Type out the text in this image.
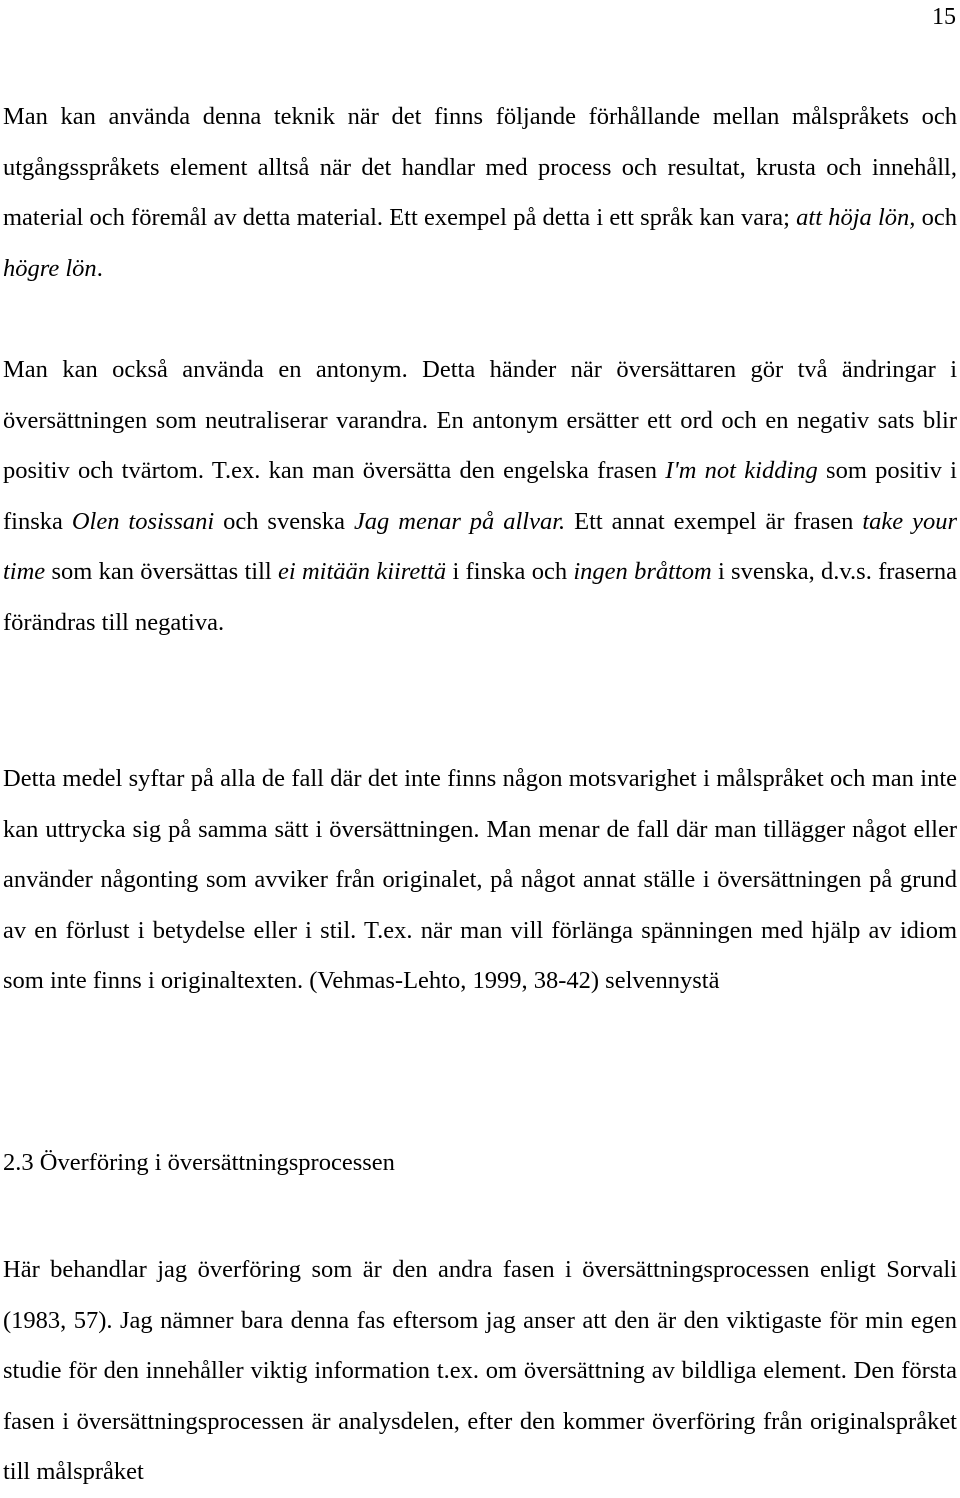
15

Man kan använda denna teknik när det finns följande förhållande mellan målspråkets och utgångsspråkets element alltså när det handlar med process och resultat, krusta och innehåll, material och föremål av detta material. Ett exempel på detta i ett språk kan vara; att höja lön, och högre lön.

Man kan också använda en antonym. Detta händer när översättaren gör två ändringar i översättningen som neutraliserar varandra. En antonym ersätter ett ord och en negativ sats blir positiv och tvärtom. T.ex. kan man översätta den engelska frasen I'm not kidding som positiv i finska Olen tosissani och svenska Jag menar på allvar. Ett annat exempel är frasen take your time som kan översättas till ei mitään kiirettä i finska och ingen bråttom i svenska, d.v.s. fraserna förändras till negativa.

Detta medel syftar på alla de fall där det inte finns någon motsvarighet i målspråket och man inte kan uttrycka sig på samma sätt i översättningen. Man menar de fall där man tillägger något eller använder någonting som avviker från originalet, på något annat ställe i översättningen på grund av en förlust i betydelse eller i stil. T.ex. när man vill förlänga spänningen med hjälp av idiom som inte finns i originaltexten. (Vehmas-Lehto, 1999, 38-42) selvennystä

2.3 Överföring i översättningsprocessen

Här behandlar jag överföring som är den andra fasen i översättningsprocessen enligt Sorvali (1983, 57). Jag nämner bara denna fas eftersom jag anser att den är den viktigaste för min egen studie för den innehåller viktig information t.ex. om översättning av bildliga element. Den första fasen i översättningsprocessen är analysdelen, efter den kommer överföring från originalspråket till målspråket
